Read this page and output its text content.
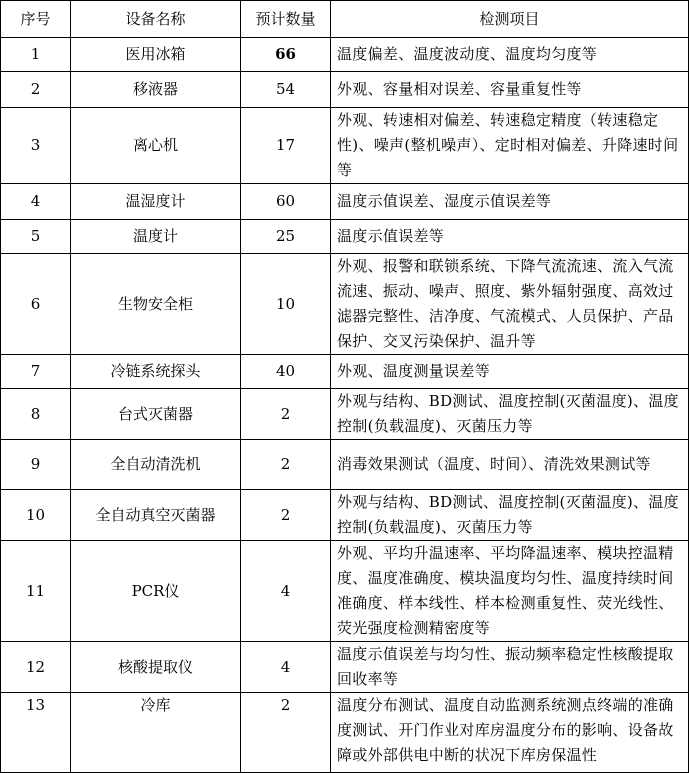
序号	设备名称	预计数量	检测项目
1	医用冰箱	66	温度偏差、温度波动度、温度均匀度等
2	移液器	54	外观、容量相对误差、容量重复性等
3	离心机	17	外观、转速相对偏差、转速稳定精度（转速稳定性)、噪声(整机噪声）、定时相对偏差、升降速时间等
4	温湿度计	60	温度示值误差、湿度示值误差等
5	温度计	25	温度示值误差等
6	生物安全柜	10	外观、报警和联锁系统、下降气流流速、流入气流流速、振动、噪声、照度、紫外辐射强度、高效过滤器完整性、洁净度、气流模式、人员保护、产品保护、交叉污染保护、温升等
7	冷链系统探头	40	外观、温度测量误差等
8	台式灭菌器	2	外观与结构、BD测试、温度控制(灭菌温度)、温度控制(负载温度)、灭菌压力等
9	全自动清洗机	2	消毒效果测试（温度、时间）、清洗效果测试等
10	全自动真空灭菌器	2	外观与结构、BD测试、温度控制(灭菌温度)、温度控制(负载温度)、灭菌压力等
11	PCR仪	4	外观、平均升温速率、平均降温速率、模块控温精度、温度准确度、模块温度均匀性、温度持续时间准确度、样本线性、样本检测重复性、荧光线性、荧光强度检测精密度等
12	核酸提取仪	4	温度示值误差与均匀性、振动频率稳定性核酸提取回收率等
13	冷库	2	温度分布测试、温度自动监测系统测点终端的准确度测试、开门作业对库房温度分布的影响、设备故障或外部供电中断的状况下库房保温性
